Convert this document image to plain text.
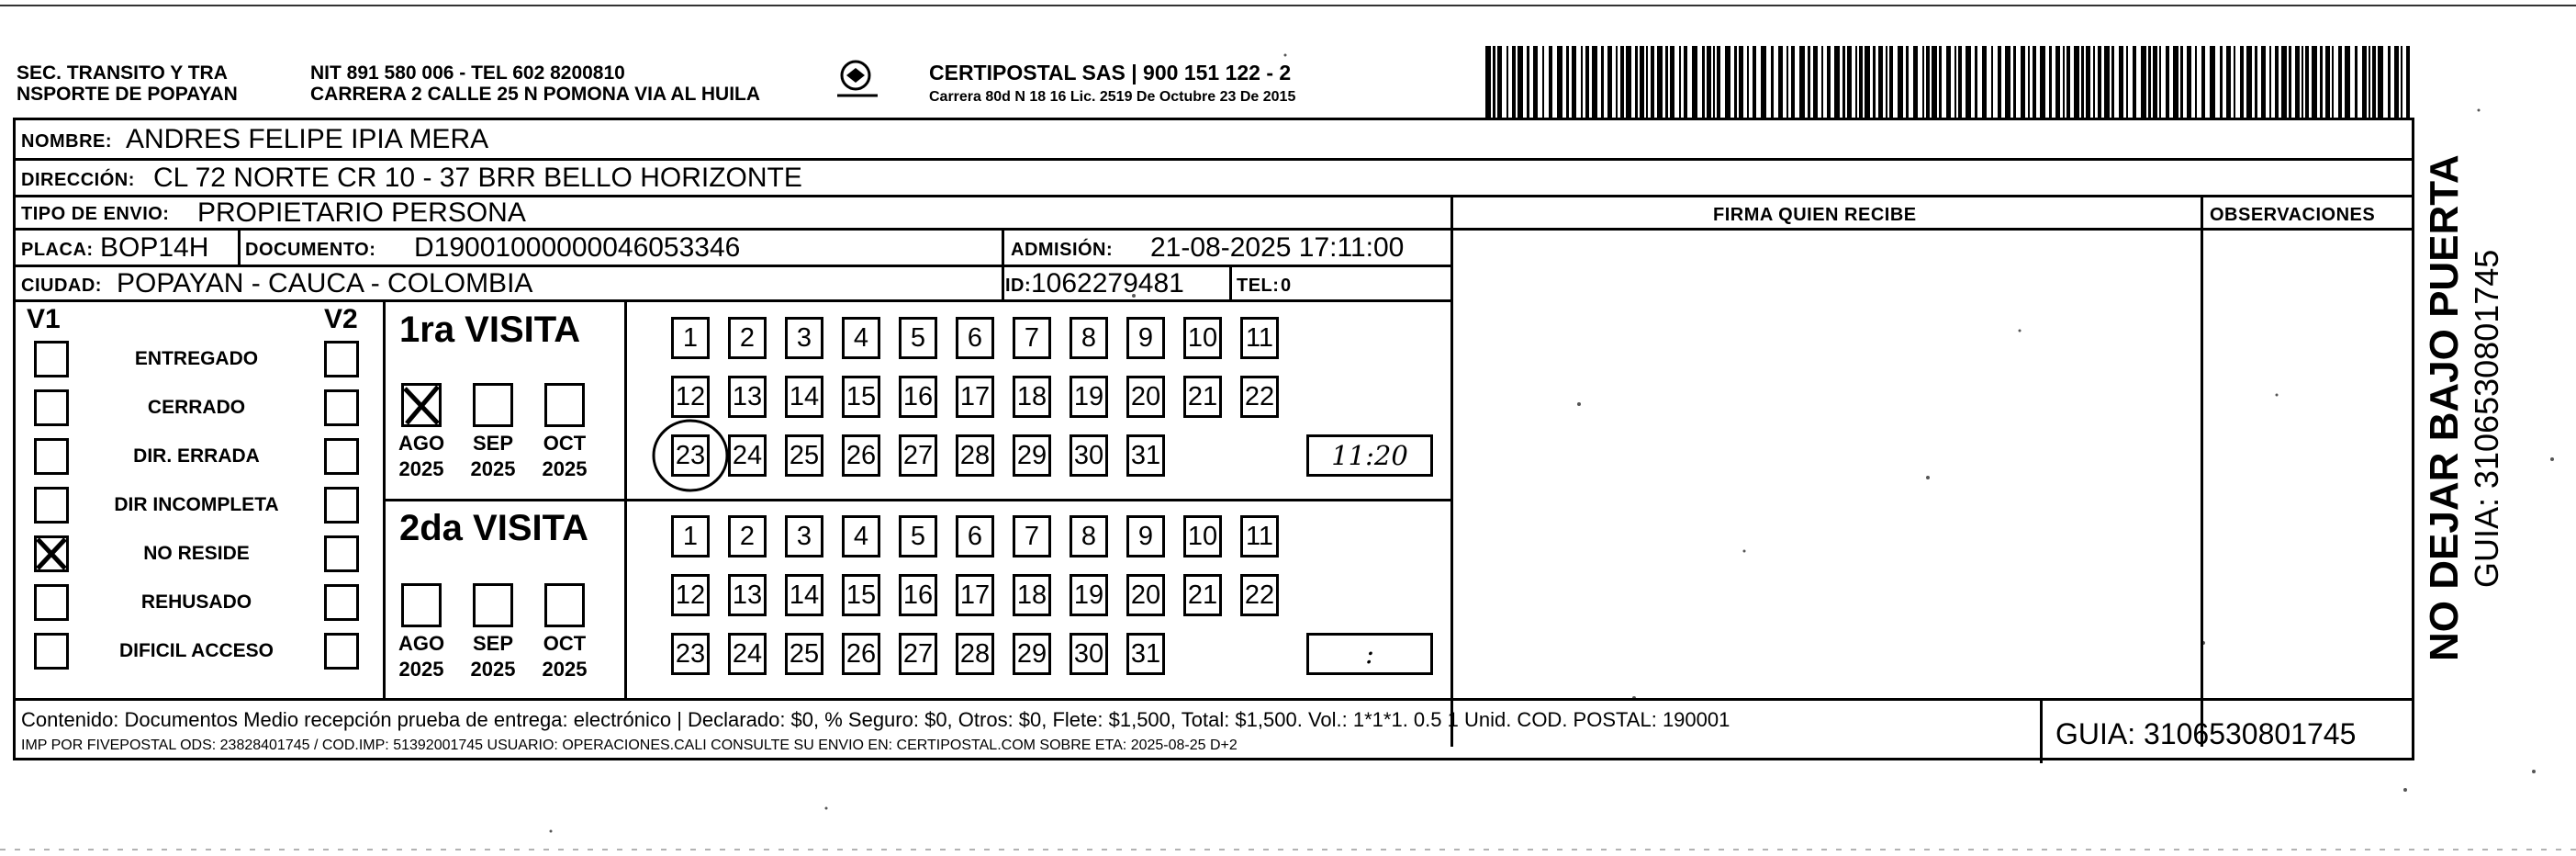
SEC. TRANSITO Y TRA
NSPORTE DE POPAYAN
NIT 891 580 006 - TEL 602 8200810
CARRERA 2 CALLE 25 N POMONA VIA AL HUILA
CERTIPOSTAL SAS | 900 151 122 - 2
Carrera 80d N 18 16 Lic. 2519 De Octubre 23 De 2015
NOMBRE: ANDRES FELIPE IPIA MERA
DIRECCIÓN: CL 72 NORTE CR 10 - 37 BRR BELLO HORIZONTE
TIPO DE ENVIO: PROPIETARIO PERSONA	FIRMA QUIEN RECIBE	OBSERVACIONES
PLACA: BOP14H DOCUMENTO: D19001000000046053346	ADMISIÓN: 21-08-2025 17:11:00
CIUDAD: POPAYAN - CAUCA - COLOMBIA	ID: 1062279481	TEL: 0
V1	V2
ENTREGADO
CERRADO
DIR. ERRADA
DIR INCOMPLETA
NO RESIDE
REHUSADO
DIFICIL ACCESO
1ra VISITA
2da VISITA
AGO
2025
SEP
2025
OCT
2025
AGO
2025
SEP
2025
OCT
2025
1	2	3	4	5	6	7	8	9	10 11
12 13 14 15 16 17 18 19 20 21 22
23 24 25 26 27 28 29 30 31	11:20
1	2	3	4	5	6	7	8	9	10 11
12 13 14 15 16 17 18 19 20 21 22
23 24 25 26 27 28 29 30 31	:
Contenido: Documentos Medio recepción prueba de entrega: electrónico | Declarado: $0, % Seguro: $0, Otros: $0, Flete: $1,500, Total: $1,500. Vol.: 1*1*1. 0.5 1 Unid. COD. POSTAL: 190001
IMP POR FIVEPOSTAL ODS: 23828401745 / COD.IMP: 51392001745 USUARIO: OPERACIONES.CALI CONSULTE SU ENVIO EN: CERTIPOSTAL.COM SOBRE ETA: 2025-08-25 D+2	GUIA: 3106530801745
NO DEJAR BAJO PUERTA GUIA: 3106530801745
